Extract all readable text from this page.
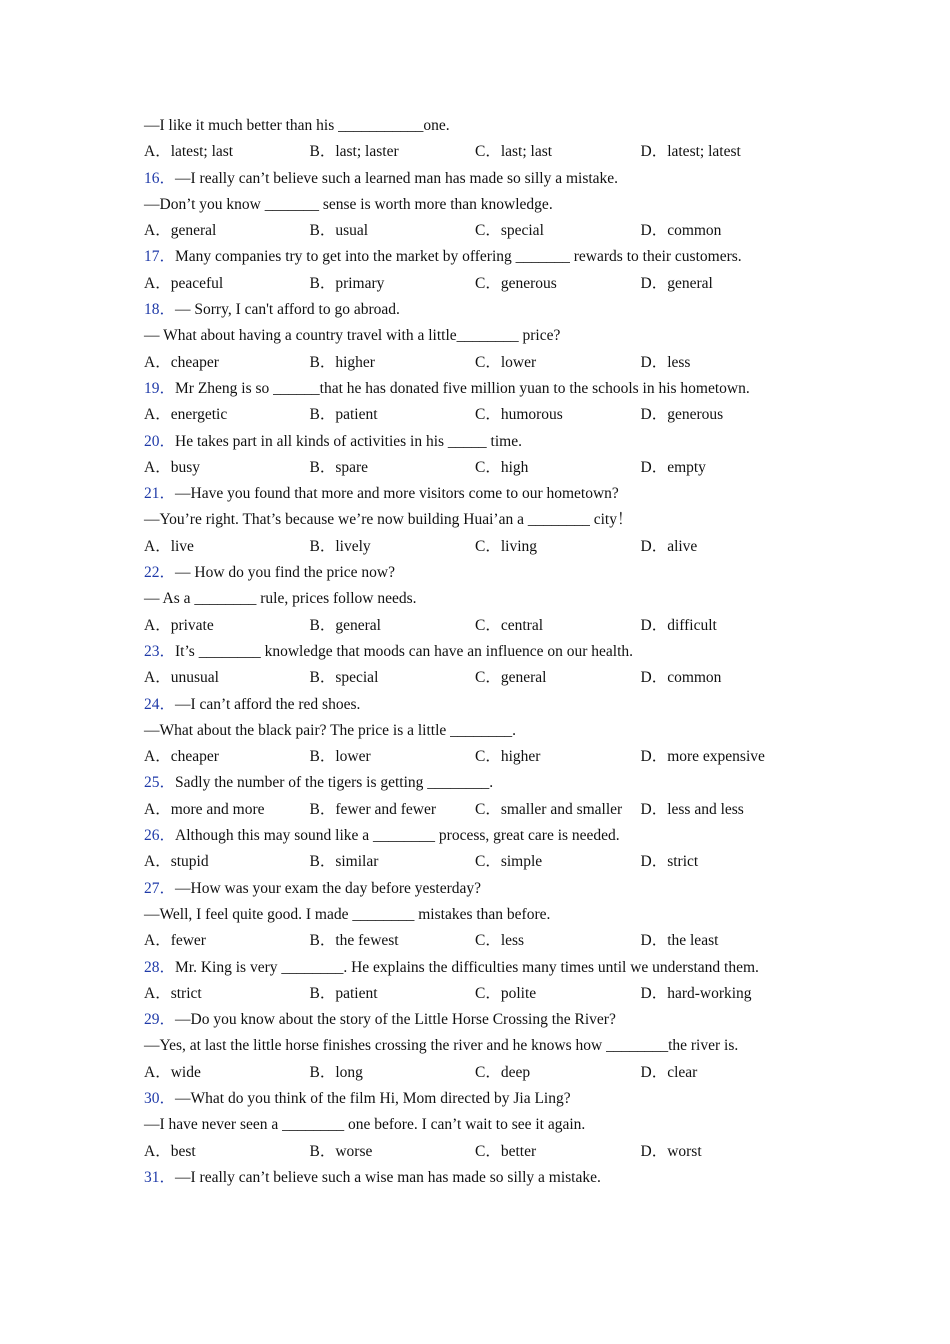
—I like it much better than his ___________one.
A．latest; last	B．last; laster	C．last; last	D．latest; latest
16．—I really can’t believe such a learned man has made so silly a mistake.
—Don’t you know _______ sense is worth more than knowledge.
A．general	B．usual	C．special	D．common
17．Many companies try to get into the market by offering _______ rewards to their customers.
A．peaceful	B．primary	C．generous	D．general
18．— Sorry, I can't afford to go abroad.
— What about having a country travel with a little________ price?
A．cheaper	B．higher	C．lower	D．less
19．Mr Zheng is so ______that he has donated five million yuan to the schools in his hometown.
A．energetic	B．patient	C．humorous	D．generous
20．He takes part in all kinds of activities in his _____ time.
A．busy	B．spare	C．high	D．empty
21．—Have you found that more and more visitors come to our hometown?
—You’re right. That’s because we’re now building Huai’an a ________ city！
A．live	B．lively	C．living	D．alive
22．— How do you find the price now?
— As a ________ rule, prices follow needs.
A．private	B．general	C．central	D．difficult
23．It’s ________ knowledge that moods can have an influence on our health.
A．unusual	B．special	C．general	D．common
24．—I can’t afford the red shoes.
—What about the black pair? The price is a little ________.
A．cheaper	B．lower	C．higher	D．more expensive
25．Sadly the number of the tigers is getting ________.
A．more and more	B．fewer and fewer	C．smaller and smaller	D．less and less
26．Although this may sound like a ________ process, great care is needed.
A．stupid	B．similar	C．simple	D．strict
27．—How was your exam the day before yesterday?
—Well, I feel quite good. I made ________ mistakes than before.
A．fewer	B．the fewest	C．less	D．the least
28．Mr. King is very ________. He explains the difficulties many times until we understand them.
A．strict	B．patient	C．polite	D．hard-working
29．—Do you know about the story of the Little Horse Crossing the River?
—Yes, at last the little horse finishes crossing the river and he knows how ________the river is.
A．wide	B．long	C．deep	D．clear
30．—What do you think of the film Hi, Mom directed by Jia Ling?
—I have never seen a ________ one before. I can’t wait to see it again.
A．best	B．worse	C．better	D．worst
31．—I really can’t believe such a wise man has made so silly a mistake.
